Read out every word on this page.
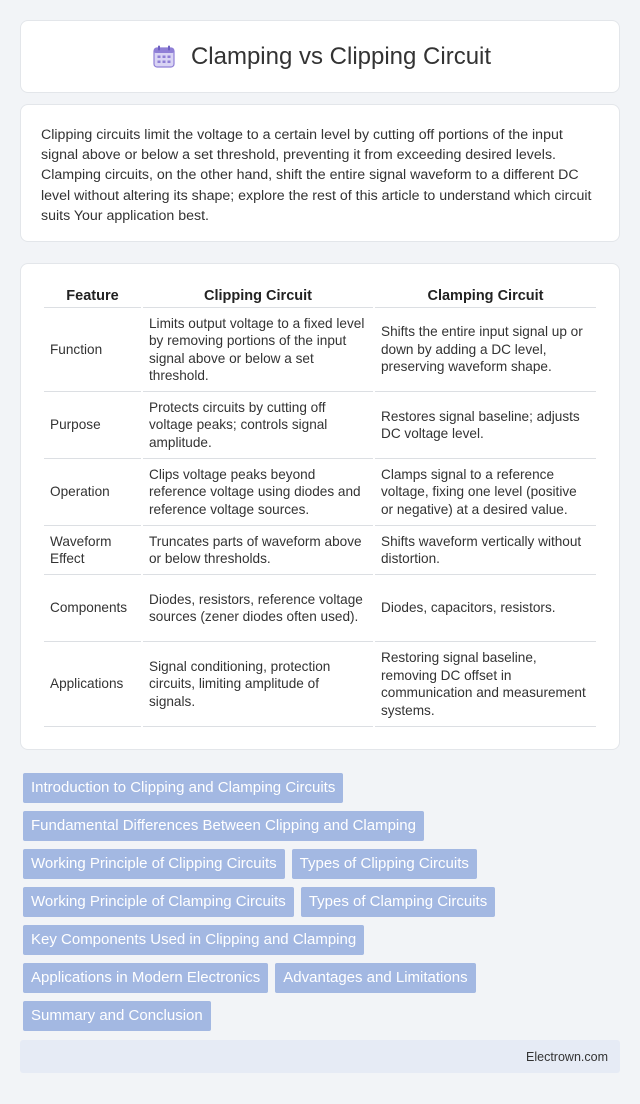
Clamping vs Clipping Circuit

Clipping circuits limit the voltage to a certain level by cutting off portions of the input signal above or below a set threshold, preventing it from exceeding desired levels. Clamping circuits, on the other hand, shift the entire signal waveform to a different DC level without altering its shape; explore the rest of this article to understand which circuit suits Your application best.

Feature	Clipping Circuit	Clamping Circuit
Function	Limits output voltage to a fixed level by removing portions of the input signal above or below a set threshold.	Shifts the entire input signal up or down by adding a DC level, preserving waveform shape.
Purpose	Protects circuits by cutting off voltage peaks; controls signal amplitude.	Restores signal baseline; adjusts DC voltage level.
Operation	Clips voltage peaks beyond reference voltage using diodes and reference voltage sources.	Clamps signal to a reference voltage, fixing one level (positive or negative) at a desired value.
Waveform Effect	Truncates parts of waveform above or below thresholds.	Shifts waveform vertically without distortion.
Components	Diodes, resistors, reference voltage sources (zener diodes often used).	Diodes, capacitors, resistors.
Applications	Signal conditioning, protection circuits, limiting amplitude of signals.	Restoring signal baseline, removing DC offset in communication and measurement systems.
Introduction to Clipping and Clamping Circuits
Fundamental Differences Between Clipping and Clamping
Working Principle of Clipping Circuits	Types of Clipping Circuits
Working Principle of Clamping Circuits	Types of Clamping Circuits
Key Components Used in Clipping and Clamping
Applications in Modern Electronics	Advantages and Limitations
Summary and Conclusion
Electrown.com
